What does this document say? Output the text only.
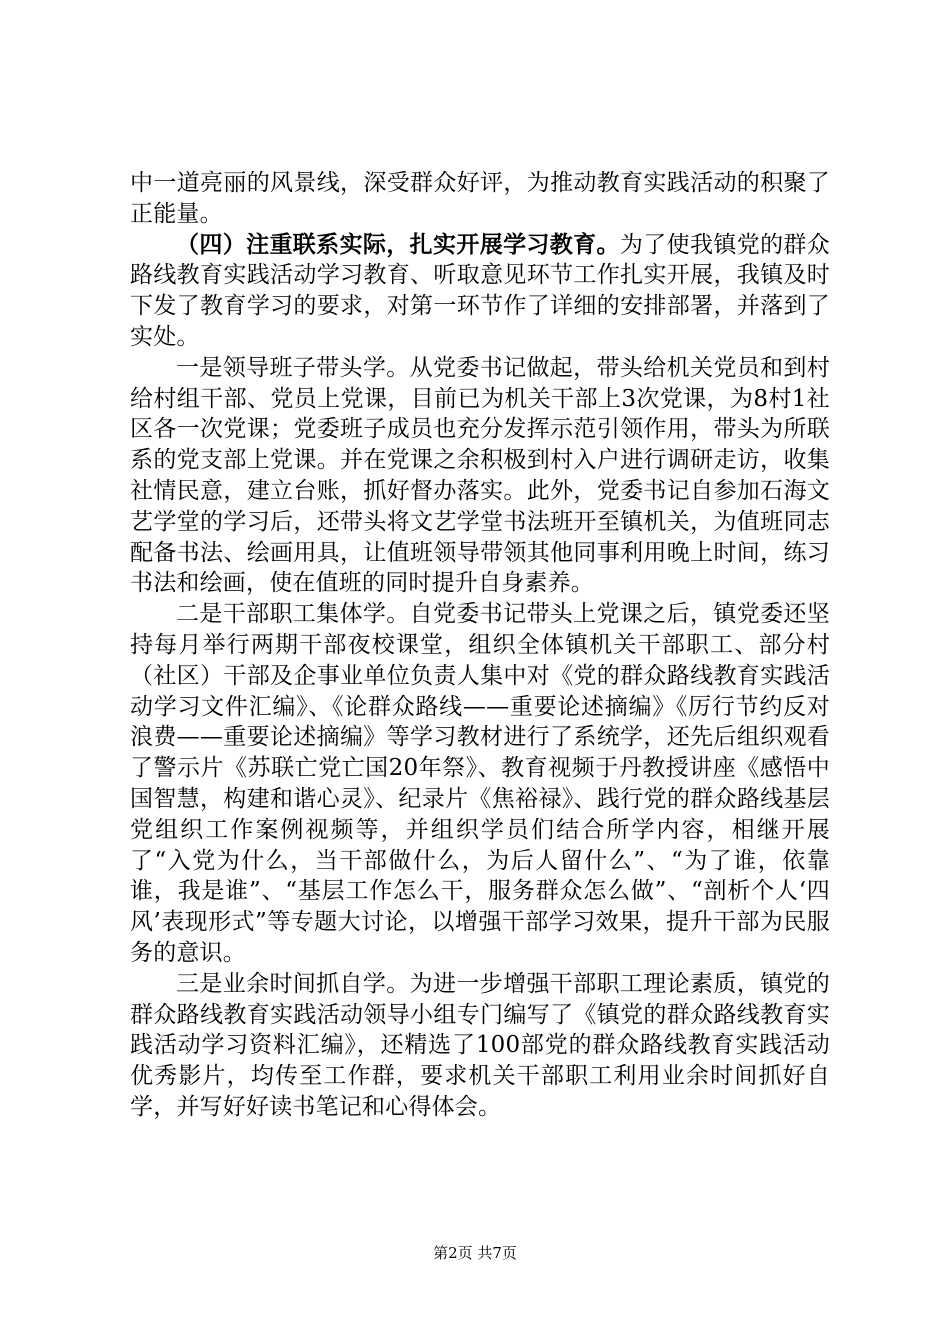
中一道亮丽的风景线，深受群众好评，为推动教育实践活动的积聚了正能量。

（四）注重联系实际，扎实开展学习教育。为了使我镇党的群众路线教育实践活动学习教育、听取意见环节工作扎实开展，我镇及时下发了教育学习的要求，对第一环节作了详细的安排部署，并落到了实处。

一是领导班子带头学。从党委书记做起，带头给机关党员和到村给村组干部、党员上党课，目前已为机关干部上3次党课，为8村1社区各一次党课；党委班子成员也充分发挥示范引领作用，带头为所联系的党支部上党课。并在党课之余积极到村入户进行调研走访，收集社情民意，建立台账，抓好督办落实。此外，党委书记自参加石海文艺学堂的学习后，还带头将文艺学堂书法班开至镇机关，为值班同志配备书法、绘画用具，让值班领导带领其他同事利用晚上时间，练习书法和绘画，使在值班的同时提升自身素养。

二是干部职工集体学。自党委书记带头上党课之后，镇党委还坚持每月举行两期干部夜校课堂，组织全体镇机关干部职工、部分村（社区）干部及企事业单位负责人集中对《党的群众路线教育实践活动学习文件汇编》、《论群众路线——重要论述摘编》《厉行节约反对浪费——重要论述摘编》等学习教材进行了系统学，还先后组织观看了警示片《苏联亡党亡国20年祭》、教育视频于丹教授讲座《感悟中国智慧，构建和谐心灵》、纪录片《焦裕禄》、践行党的群众路线基层党组织工作案例视频等，并组织学员们结合所学内容，相继开展了“入党为什么，当干部做什么，为后人留什么”、“为了谁，依靠谁，我是谁”、“基层工作怎么干，服务群众怎么做”、“剖析个人‘四风’表现形式”等专题大讨论，以增强干部学习效果，提升干部为民服务的意识。

三是业余时间抓自学。为进一步增强干部职工理论素质，镇党的群众路线教育实践活动领导小组专门编写了《镇党的群众路线教育实践活动学习资料汇编》，还精选了100部党的群众路线教育实践活动优秀影片，均传至工作群，要求机关干部职工利用业余时间抓好自学，并写好好读书笔记和心得体会。

第2页 共7页
